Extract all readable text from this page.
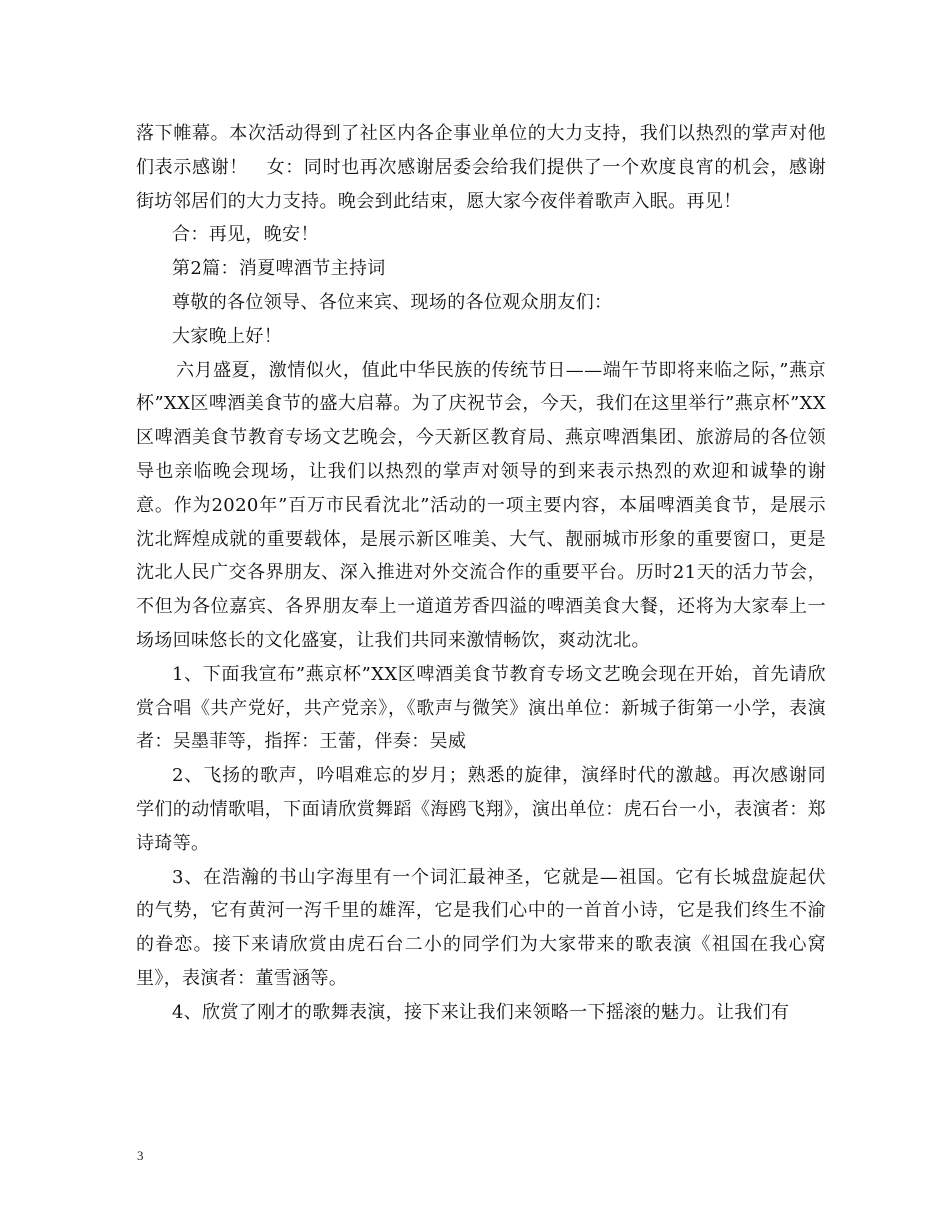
落下帷幕。本次活动得到了社区内各企事业单位的大力支持，我们以热烈的掌声对他们表示感谢！　女：同时也再次感谢居委会给我们提供了一个欢度良宵的机会，感谢街坊邻居们的大力支持。晚会到此结束，愿大家今夜伴着歌声入眠。再见！

合：再见，晚安！

第2篇：消夏啤酒节主持词

尊敬的各位领导、各位来宾、现场的各位观众朋友们：

大家晚上好！

六月盛夏，激情似火，值此中华民族的传统节日——端午节即将来临之际，”燕京杯”XX区啤酒美食节的盛大启幕。为了庆祝节会，今天，我们在这里举行”燕京杯”XX区啤酒美食节教育专场文艺晚会，今天新区教育局、燕京啤酒集团、旅游局的各位领导也亲临晚会现场，让我们以热烈的掌声对领导的到来表示热烈的欢迎和诚挚的谢意。作为2020年”百万市民看沈北”活动的一项主要内容，本届啤酒美食节，是展示沈北辉煌成就的重要载体，是展示新区唯美、大气、靓丽城市形象的重要窗口，更是沈北人民广交各界朋友、深入推进对外交流合作的重要平台。历时21天的活力节会，不但为各位嘉宾、各界朋友奉上一道道芳香四溢的啤酒美食大餐，还将为大家奉上一场场回味悠长的文化盛宴，让我们共同来激情畅饮，爽动沈北。

1、下面我宣布”燕京杯”XX区啤酒美食节教育专场文艺晚会现在开始，首先请欣赏合唱《共产党好，共产党亲》，《歌声与微笑》演出单位：新城子街第一小学，表演者：吴墨菲等，指挥：王蕾，伴奏：吴威

2、飞扬的歌声，吟唱难忘的岁月；熟悉的旋律，演绎时代的激越。再次感谢同学们的动情歌唱，下面请欣赏舞蹈《海鸥飞翔》，演出单位：虎石台一小，表演者：郑诗琦等。

3、在浩瀚的书山字海里有一个词汇最神圣，它就是—祖国。它有长城盘旋起伏的气势，它有黄河一泻千里的雄浑，它是我们心中的一首首小诗，它是我们终生不渝的眷恋。接下来请欣赏由虎石台二小的同学们为大家带来的歌表演《祖国在我心窝里》，表演者：董雪涵等。

4、欣赏了刚才的歌舞表演，接下来让我们来领略一下摇滚的魅力。让我们有

3
